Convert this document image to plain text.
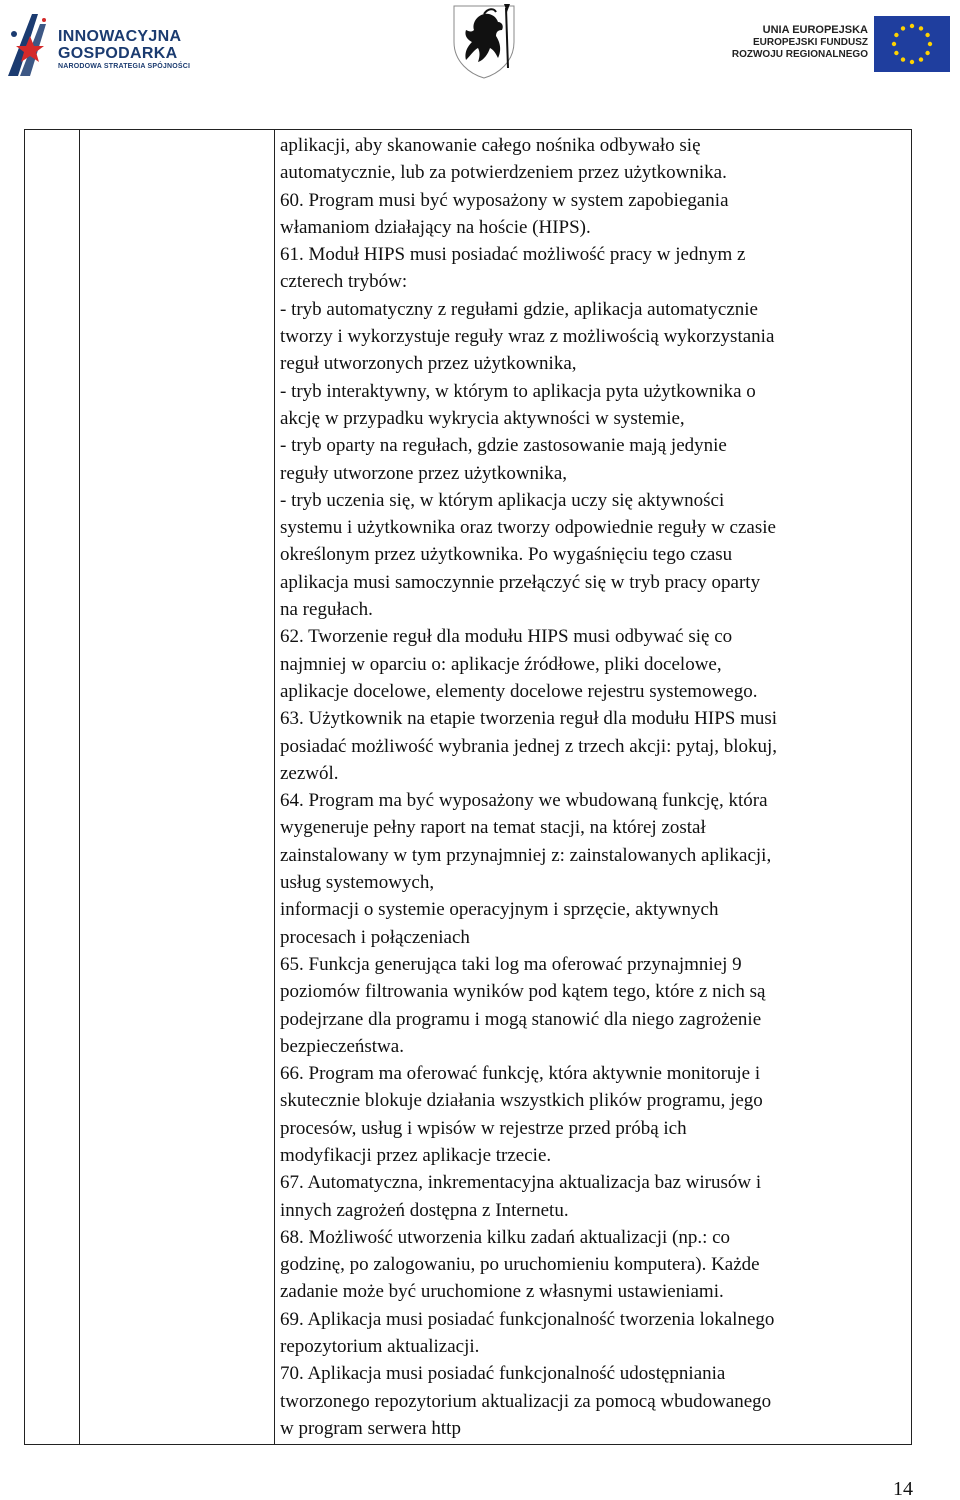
INNOWACYJNA
GOSPODARKA
NARODOWA STRATEGIA SPÓJNOŚCI
UNIA EUROPEJSKA
EUROPEJSKI FUNDUSZ
ROZWOJU REGIONALNEGO
aplikacji, aby skanowanie całego nośnika odbywało się
automatycznie, lub za potwierdzeniem przez użytkownika.
60. Program musi być wyposażony w system zapobiegania
włamaniom działający na hoście (HIPS).
61. Moduł HIPS musi posiadać możliwość pracy w jednym z
czterech trybów:
- tryb automatyczny z regułami gdzie, aplikacja automatycznie
tworzy i wykorzystuje reguły wraz z możliwością wykorzystania
reguł utworzonych przez użytkownika,
- tryb interaktywny, w którym to aplikacja pyta użytkownika o
akcję w przypadku wykrycia aktywności w systemie,
- tryb oparty na regułach, gdzie zastosowanie mają jedynie
reguły utworzone przez użytkownika,
- tryb uczenia się, w którym aplikacja uczy się aktywności
systemu i użytkownika oraz tworzy odpowiednie reguły w czasie
określonym przez użytkownika. Po wygaśnięciu tego czasu
aplikacja musi samoczynnie przełączyć się w tryb pracy oparty
na regułach.
62. Tworzenie reguł dla modułu HIPS musi odbywać się co
najmniej w oparciu o: aplikacje źródłowe, pliki docelowe,
aplikacje docelowe, elementy docelowe rejestru systemowego.
63. Użytkownik na etapie tworzenia reguł dla modułu HIPS musi
posiadać możliwość wybrania jednej z trzech akcji: pytaj, blokuj,
zezwól.
64. Program ma być wyposażony we wbudowaną funkcję, która
wygeneruje pełny raport na temat stacji, na której został
zainstalowany w tym przynajmniej z: zainstalowanych aplikacji,
usług systemowych,
informacji o systemie operacyjnym i sprzęcie, aktywnych
procesach i połączeniach
65. Funkcja generująca taki log ma oferować przynajmniej 9
poziomów filtrowania wyników pod kątem tego, które z nich są
podejrzane dla programu i mogą stanowić dla niego zagrożenie
bezpieczeństwa.
66. Program ma oferować funkcję, która aktywnie monitoruje i
skutecznie blokuje działania wszystkich plików programu, jego
procesów, usług i wpisów w rejestrze przed próbą ich
modyfikacji przez aplikacje trzecie.
67. Automatyczna, inkrementacyjna aktualizacja baz wirusów i
innych zagrożeń dostępna z Internetu.
68. Możliwość utworzenia kilku zadań aktualizacji (np.: co
godzinę, po zalogowaniu, po uruchomieniu komputera). Każde
zadanie może być uruchomione z własnymi ustawieniami.
69. Aplikacja musi posiadać funkcjonalność tworzenia lokalnego
repozytorium aktualizacji.
70. Aplikacja musi posiadać funkcjonalność udostępniania
tworzonego repozytorium aktualizacji za pomocą wbudowanego
w program serwera http
14
